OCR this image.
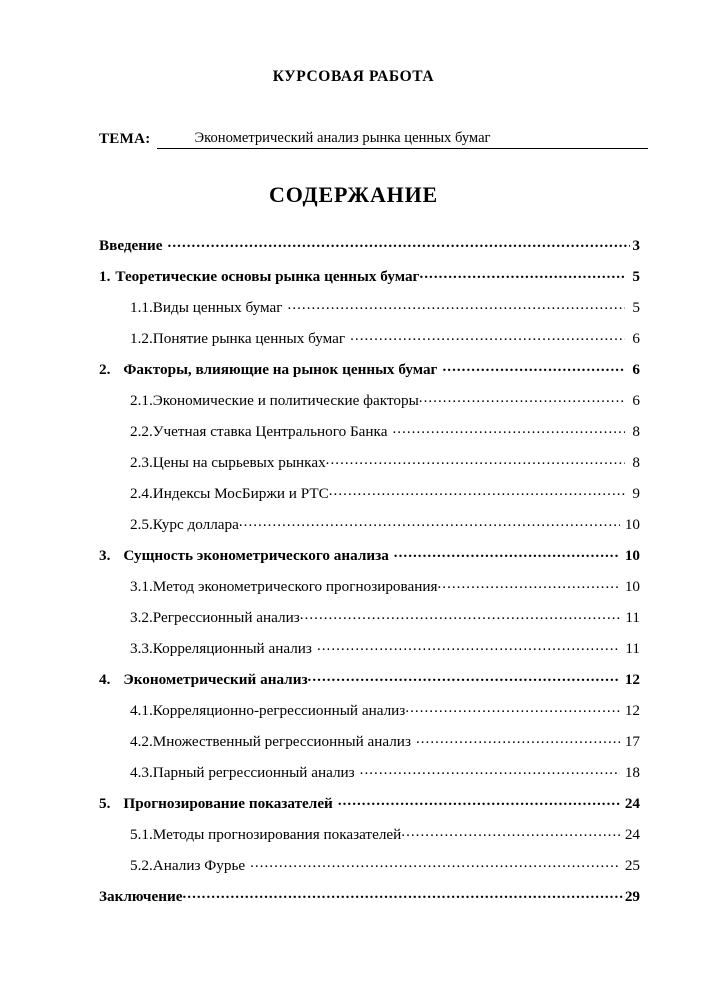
КУРСОВАЯ РАБОТА
ТЕМА:	Эконометрический анализ рынка ценных бумаг
СОДЕРЖАНИЕ
Введение .....	3
1. Теоретические основы рынка ценных бумаг .....	5
1.1. Виды ценных бумаг .....	5
1.2. Понятие рынка ценных бумаг .....	6
2. Факторы, влияющие на рынок ценных бумаг .....	6
2.1. Экономические и политические факторы .....	6
2.2. Учетная ставка Центрального Банка .....	8
2.3. Цены на сырьевых рынках .....	8
2.4. Индексы МосБиржи и РТС .....	9
2.5. Курс доллара .....	10
3. Сущность эконометрического анализа .....	10
3.1. Метод эконометрического прогнозирования .....	10
3.2. Регрессионный анализ .....	11
3.3. Корреляционный анализ .....	11
4. Эконометрический анализ .....	12
4.1. Корреляционно-регрессионный анализ .....	12
4.2. Множественный регрессионный анализ .....	17
4.3. Парный регрессионный анализ .....	18
5. Прогнозирование показателей .....	24
5.1. Методы прогнозирования показателей .....	24
5.2. Анализ Фурье .....	25
Заключение .....	29
